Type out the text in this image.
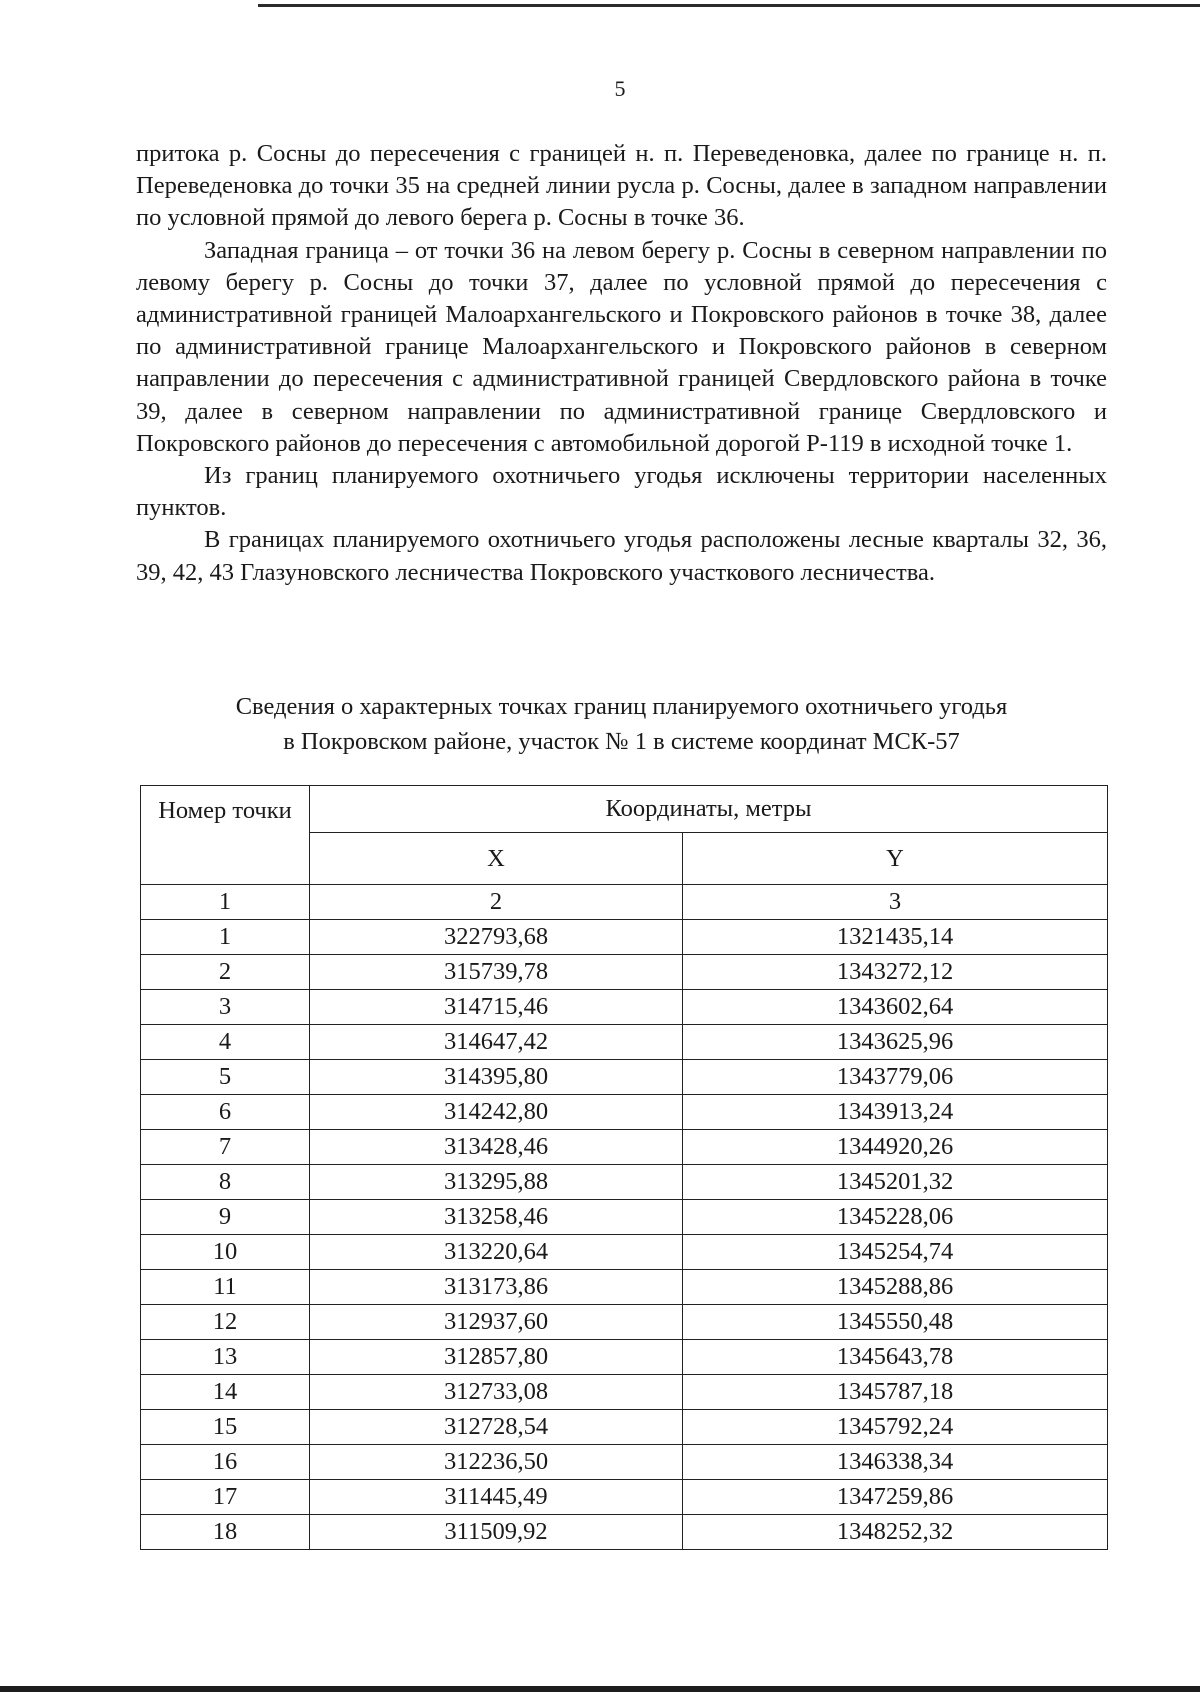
5

притока р. Сосны до пересечения с границей н. п. Переведеновка, далее по границе н. п. Переведеновка до точки 35 на средней линии русла р. Сосны, далее в западном направлении по условной прямой до левого берега р. Сосны в точке 36.

Западная граница – от точки 36 на левом берегу р. Сосны в северном направлении по левому берегу р. Сосны до точки 37, далее по условной прямой до пересечения с административной границей Малоархангельского и Покровского районов в точке 38, далее по административной границе Малоархангельского и Покровского районов в северном направлении до пересечения с административной границей Свердловского района в точке 39, далее в северном направлении по административной границе Свердловского и Покровского районов до пересечения с автомобильной дорогой Р-119 в исходной точке 1.

Из границ планируемого охотничьего угодья исключены территории населенных пунктов.

В границах планируемого охотничьего угодья расположены лесные кварталы 32, 36, 39, 42, 43 Глазуновского лесничества Покровского участкового лесничества.

Сведения о характерных точках границ планируемого охотничьего угодья
в Покровском районе, участок № 1 в системе координат МСК-57
Номер точки	Координаты, метры	
	X	Y
1	2	3
1	322793,68	1321435,14
2	315739,78	1343272,12
3	314715,46	1343602,64
4	314647,42	1343625,96
5	314395,80	1343779,06
6	314242,80	1343913,24
7	313428,46	1344920,26
8	313295,88	1345201,32
9	313258,46	1345228,06
10	313220,64	1345254,74
11	313173,86	1345288,86
12	312937,60	1345550,48
13	312857,80	1345643,78
14	312733,08	1345787,18
15	312728,54	1345792,24
16	312236,50	1346338,34
17	311445,49	1347259,86
18	311509,92	1348252,32
